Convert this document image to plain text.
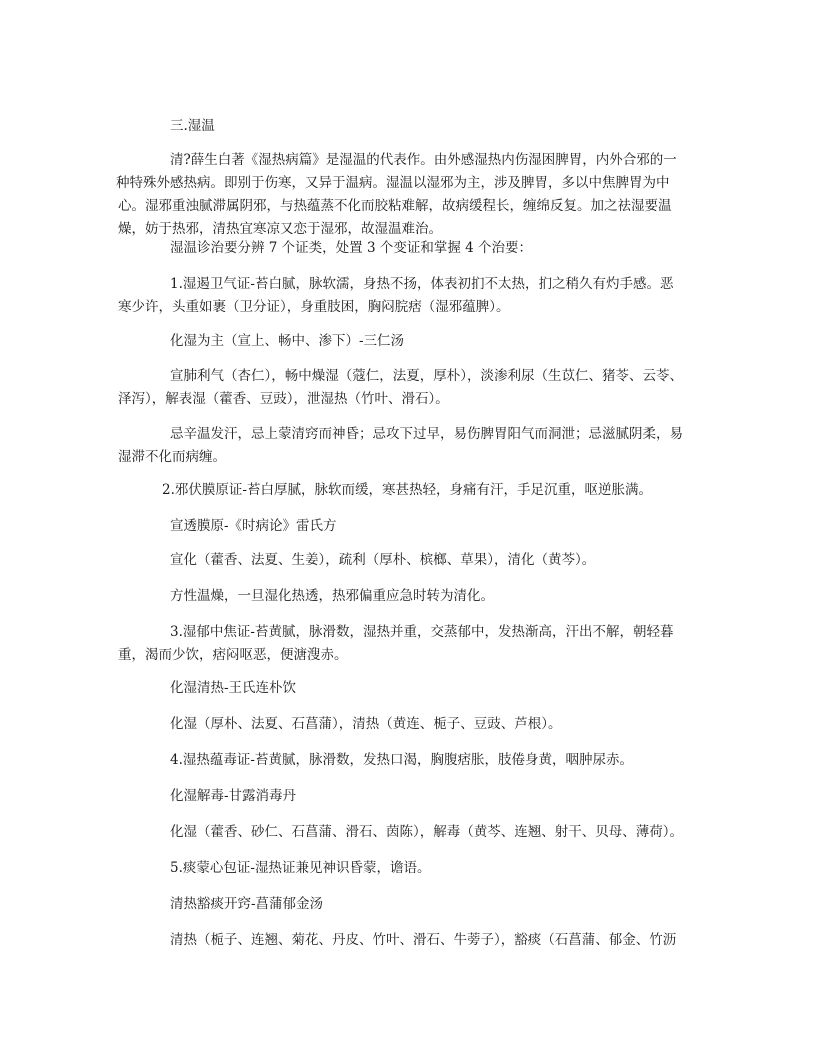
三.湿温

清?薛生白著《湿热病篇》是湿温的代表作。由外感湿热内伤湿困脾胃，内外合邪的一
种特殊外感热病。即别于伤寒，又异于温病。湿温以湿邪为主，涉及脾胃，多以中焦脾胃为中
心。湿邪重浊腻滞属阴邪，与热蕴蒸不化而胶粘难解，故病缓程长，缠绵反复。加之祛湿要温
燥，妨于热邪，清热宜寒凉又恋于湿邪，故湿温难治。

湿温诊治要分辨 7 个证类，处置 3 个变证和掌握 4 个治要：

1.湿遏卫气证-苔白腻，脉软濡，身热不扬，体表初扪不太热，扪之稍久有灼手感。恶
寒少许，头重如裹（卫分证），身重肢困，胸闷脘痞（湿邪蕴脾）。

化湿为主（宣上、畅中、渗下）-三仁汤

宣肺利气（杏仁），畅中燥湿（蔻仁，法夏，厚朴），淡渗利尿（生苡仁、猪苓、云苓、
泽泻），解表湿（藿香、豆豉），泄湿热（竹叶、滑石）。

忌辛温发汗，忌上蒙清窍而神昏；忌攻下过早，易伤脾胃阳气而洞泄；忌滋腻阴柔，易
湿滞不化而病缠。

2.邪伏膜原证-苔白厚腻，脉软而缓，寒甚热轻，身痛有汗，手足沉重，呕逆胀满。

宣透膜原-《时病论》雷氏方

宣化（藿香、法夏、生姜），疏利（厚朴、槟榔、草果），清化（黄芩）。

方性温燥，一旦湿化热透，热邪偏重应急时转为清化。

3.湿郁中焦证-苔黄腻，脉滑数，湿热并重，交蒸郁中，发热渐高，汗出不解，朝轻暮
重，渴而少饮，痞闷呕恶，便溏溲赤。

化湿清热-王氏连朴饮

化湿（厚朴、法夏、石菖蒲），清热（黄连、栀子、豆豉、芦根）。

4.湿热蕴毒证-苔黄腻，脉滑数，发热口渴，胸腹痞胀，肢倦身黄，咽肿尿赤。

化湿解毒-甘露消毒丹

化湿（藿香、砂仁、石菖蒲、滑石、茵陈），解毒（黄芩、连翘、射干、贝母、薄荷）。

5.痰蒙心包证-湿热证兼见神识昏蒙，谵语。

清热豁痰开窍-菖蒲郁金汤

清热（栀子、连翘、菊花、丹皮、竹叶、滑石、牛蒡子），豁痰（石菖蒲、郁金、竹沥
